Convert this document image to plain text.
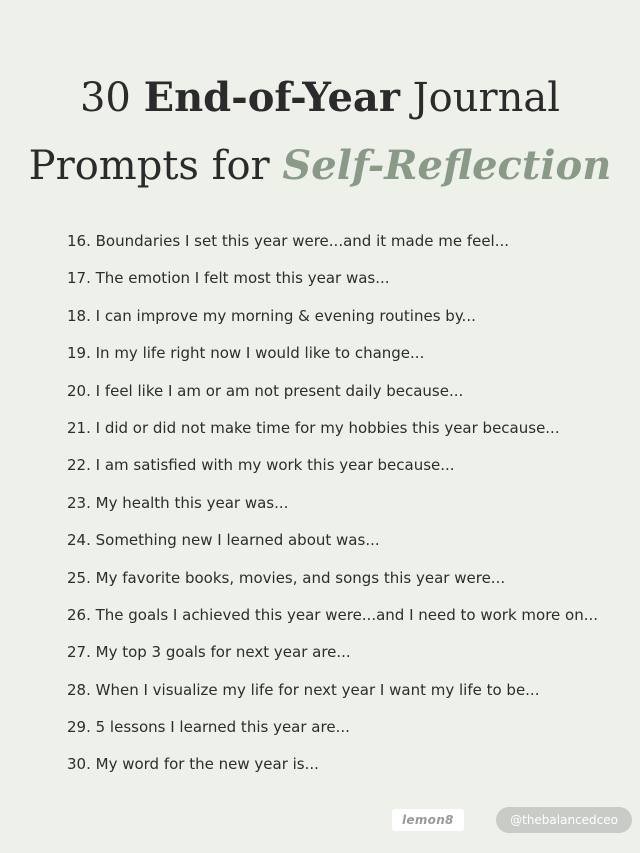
30 End-of-Year Journal
Prompts for Self-Reflection
16. Boundaries I set this year were...and it made me feel...
17. The emotion I felt most this year was...
18. I can improve my morning & evening routines by...
19. In my life right now I would like to change...
20. I feel like I am or am not present daily because...
21. I did or did not make time for my hobbies this year because...
22. I am satisfied with my work this year because...
23. My health this year was...
24. Something new I learned about was...
25. My favorite books, movies, and songs this year were...
26. The goals I achieved this year were...and I need to work more on...
27. My top 3 goals for next year are...
28. When I visualize my life for next year I want my life to be...
29. 5 lessons I learned this year are...
30. My word for the new year is...
lemon8	@thebalancedceo
